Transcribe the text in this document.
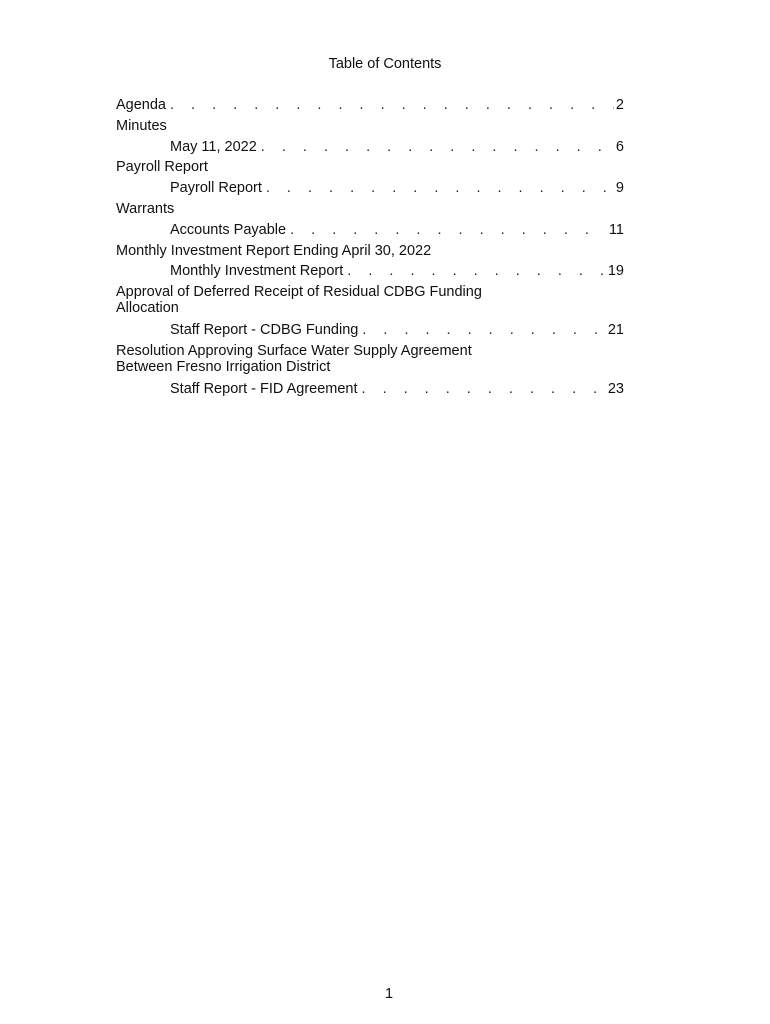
Table of Contents
Agenda . . .	2
Minutes
May 11, 2022 . . .	6
Payroll Report
Payroll Report . . .	9
Warrants
Accounts Payable . . .	11
Monthly Investment Report Ending April 30, 2022
Monthly Investment Report . . .	19
Approval of Deferred Receipt of Residual CDBG Funding Allocation
Staff Report - CDBG Funding . . .	21
Resolution Approving Surface Water Supply Agreement Between Fresno Irrigation District
Staff Report - FID Agreement . . .	23
1
